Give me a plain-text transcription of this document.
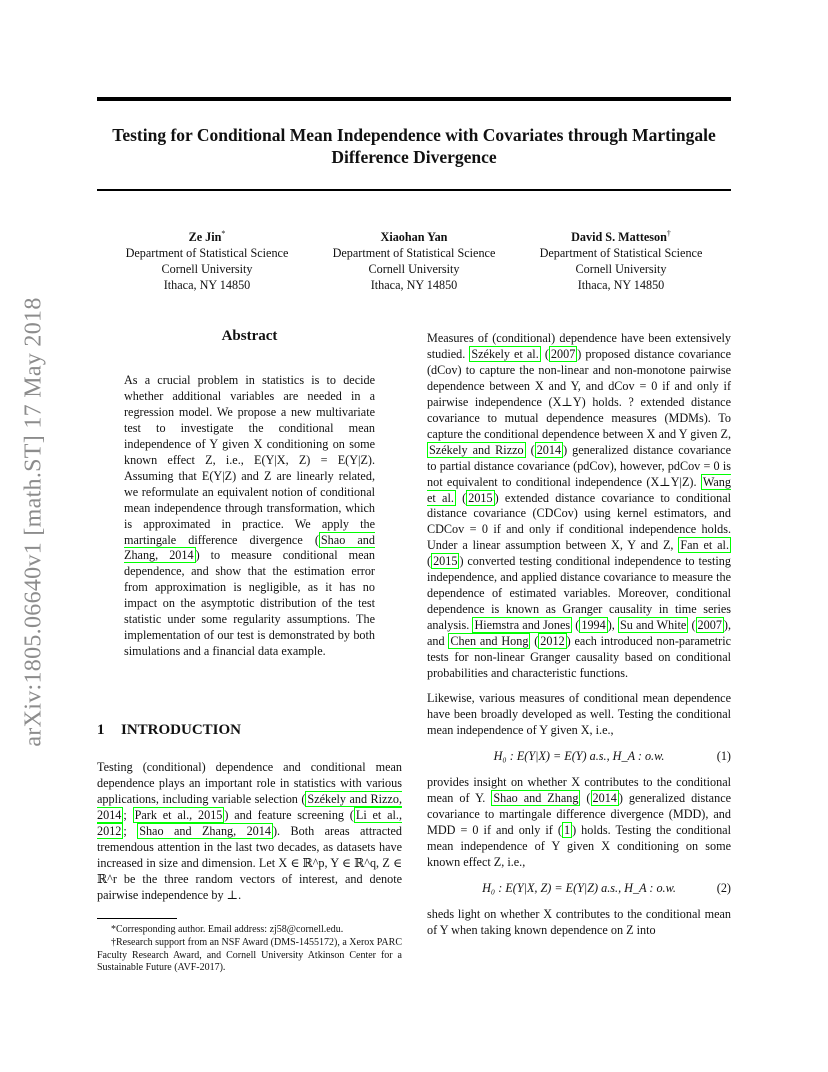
arXiv:1805.06640v1 [math.ST] 17 May 2018
Testing for Conditional Mean Independence with Covariates through Martingale Difference Divergence
Ze Jin*
Department of Statistical Science
Cornell University
Ithaca, NY 14850
Xiaohan Yan
Department of Statistical Science
Cornell University
Ithaca, NY 14850
David S. Matteson†
Department of Statistical Science
Cornell University
Ithaca, NY 14850
Abstract
As a crucial problem in statistics is to decide whether additional variables are needed in a regression model. We propose a new multivariate test to investigate the conditional mean independence of Y given X conditioning on some known effect Z, i.e., E(Y|X, Z) = E(Y|Z). Assuming that E(Y|Z) and Z are linearly related, we reformulate an equivalent notion of conditional mean independence through transformation, which is approximated in practice. We apply the martingale difference divergence ( Shao and Zhang, 2014 ) to measure conditional mean dependence, and show that the estimation error from approximation is negligible, as it has no impact on the asymptotic distribution of the test statistic under some regularity assumptions. The implementation of our test is demonstrated by both simulations and a financial data example.
1 INTRODUCTION

Testing (conditional) dependence and conditional mean dependence plays an important role in statistics with various applications, including variable selection ( Székely and Rizzo, 2014 ; Park et al., 2015 ) and feature screening ( Li et al., 2012 ; Shao and Zhang, 2014 ). Both areas attracted tremendous attention in the last two decades, as datasets have increased in size and dimension. Let X ∈ ℝ^p, Y ∈ ℝ^q, Z ∈ ℝ^r be the three random vectors of interest, and denote pairwise independence by ⊥.

*Corresponding author. Email address: zj58@cornell.edu.

†Research support from an NSF Award (DMS-1455172), a Xerox PARC Faculty Research Award, and Cornell University Atkinson Center for a Sustainable Future (AVF-2017).

Measures of (conditional) dependence have been extensively studied. Székely et al. ( 2007 ) proposed distance covariance (dCov) to capture the non-linear and non-monotone pairwise dependence between X and Y, and dCov = 0 if and only if pairwise independence (X⊥Y) holds. ? extended distance covariance to mutual dependence measures (MDMs). To capture the conditional dependence between X and Y given Z, Székely and Rizzo ( 2014 ) generalized distance covariance to partial distance covariance (pdCov), however, pdCov = 0 is not equivalent to conditional independence (X⊥Y|Z). Wang et al. ( 2015 ) extended distance covariance to conditional distance covariance (CDCov) using kernel estimators, and CDCov = 0 if and only if conditional independence holds. Under a linear assumption between X, Y and Z, Fan et al. ( 2015 ) converted testing conditional independence to testing independence, and applied distance covariance to measure the dependence of estimated variables. Moreover, conditional dependence is known as Granger causality in time series analysis. Hiemstra and Jones ( 1994 ), Su and White ( 2007 ), and Chen and Hong ( 2012 ) each introduced non-parametric tests for non-linear Granger causality based on conditional probabilities and characteristic functions.

Likewise, various measures of conditional mean dependence have been broadly developed as well. Testing the conditional mean independence of Y given X, i.e.,

H₀ : E(Y|X) = E(Y) a.s., H_A : o.w.	(1)

provides insight on whether X contributes to the conditional mean of Y. Shao and Zhang ( 2014 ) generalized distance covariance to martingale difference divergence (MDD), and MDD = 0 if and only if ( 1 ) holds. Testing the conditional mean independence of Y given X conditioning on some known effect Z, i.e.,

H₀ : E(Y|X, Z) = E(Y|Z) a.s., H_A : o.w.	(2)

sheds light on whether X contributes to the conditional mean of Y when taking known dependence on Z into
